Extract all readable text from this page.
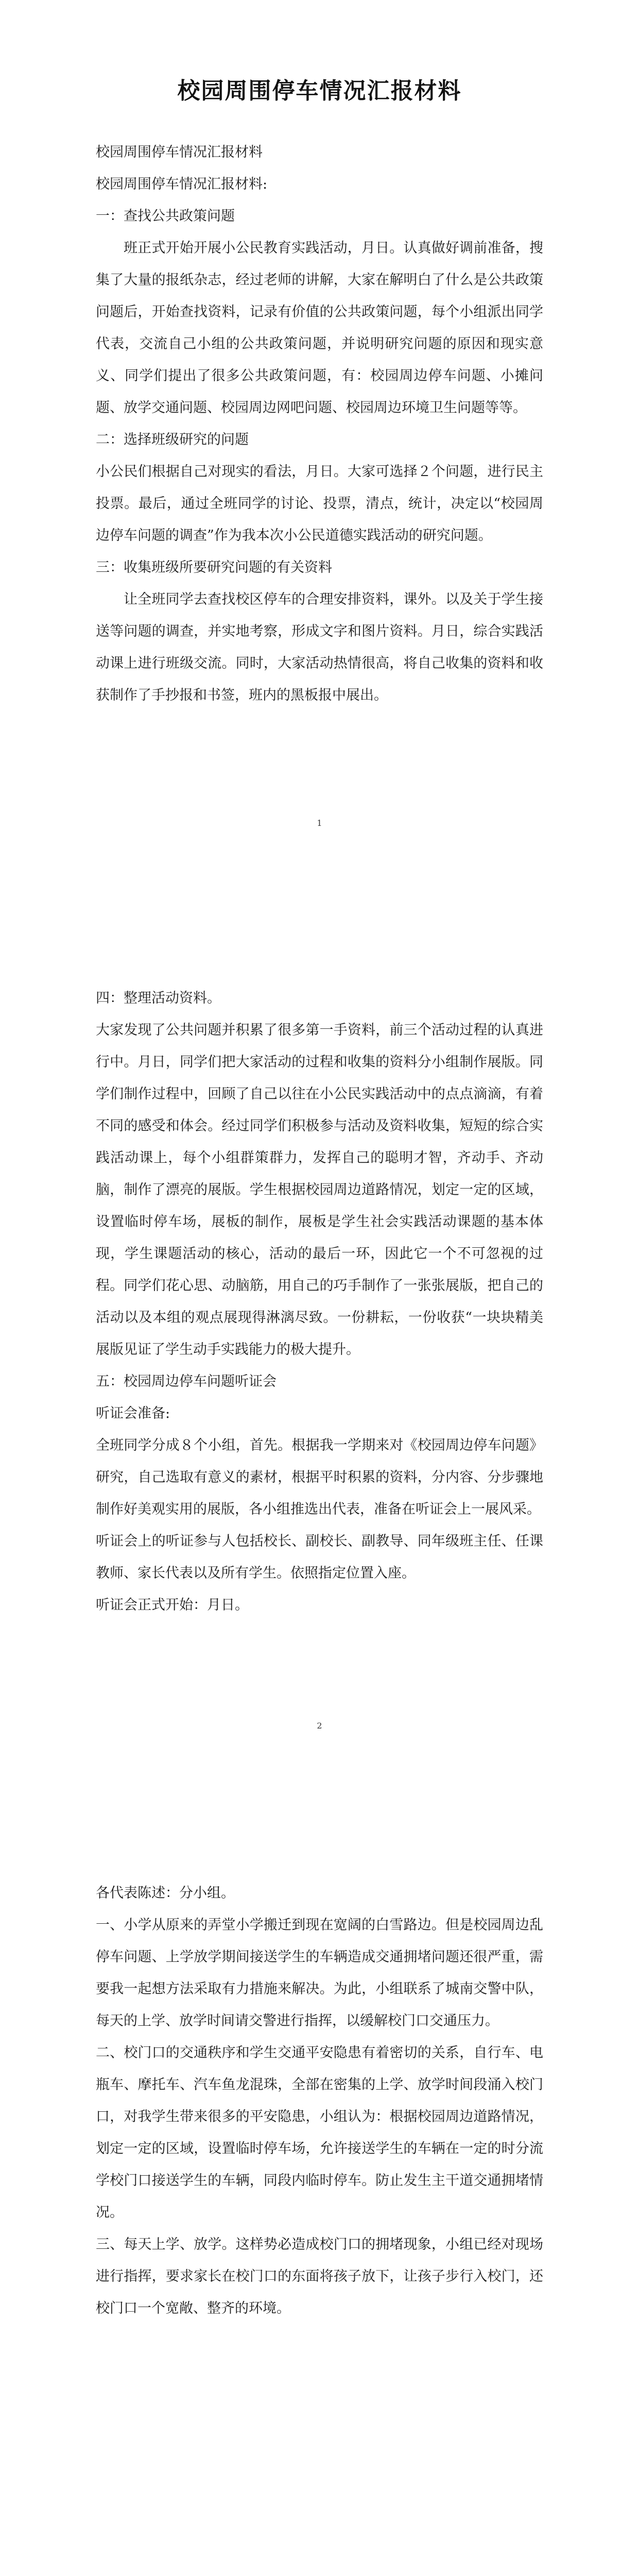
校园周围停车情况汇报材料

校园周围停车情况汇报材料

校园周围停车情况汇报材料:

一：查找公共政策问题

班正式开始开展小公民教育实践活动，月日。认真做好调前准备，搜集了大量的报纸杂志，经过老师的讲解，大家在解明白了什么是公共政策问题后，开始查找资料，记录有价值的公共政策问题，每个小组派出同学代表，交流自己小组的公共政策问题，并说明研究问题的原因和现实意义、同学们提出了很多公共政策问题，有：校园周边停车问题、小摊问题、放学交通问题、校园周边网吧问题、校园周边环境卫生问题等等。

二：选择班级研究的问题

小公民们根据自己对现实的看法，月日。大家可选择２个问题，进行民主投票。最后，通过全班同学的讨论、投票，清点，统计，决定以“校园周边停车问题的调查”作为我本次小公民道德实践活动的研究问题。

三：收集班级所要研究问题的有关资料

让全班同学去查找校区停车的合理安排资料，课外。以及关于学生接送等问题的调查，并实地考察，形成文字和图片资料。月日，综合实践活动课上进行班级交流。同时，大家活动热情很高，将自己收集的资料和收获制作了手抄报和书签，班内的黑板报中展出。

1

四：整理活动资料。

大家发现了公共问题并积累了很多第一手资料，前三个活动过程的认真进行中。月日，同学们把大家活动的过程和收集的资料分小组制作展版。同学们制作过程中，回顾了自己以往在小公民实践活动中的点点滴滴，有着不同的感受和体会。经过同学们积极参与活动及资料收集，短短的综合实践活动课上，每个小组群策群力，发挥自己的聪明才智，齐动手、齐动脑，制作了漂亮的展版。学生根据校园周边道路情况，划定一定的区域，设置临时停车场，展板的制作，展板是学生社会实践活动课题的基本体现，学生课题活动的核心，活动的最后一环，因此它一个不可忽视的过程。同学们花心思、动脑筋，用自己的巧手制作了一张张展版，把自己的活动以及本组的观点展现得淋漓尽致。一份耕耘，一份收获“一块块精美展版见证了学生动手实践能力的极大提升。

五：校园周边停车问题听证会

听证会准备:

全班同学分成８个小组，首先。根据我一学期来对《校园周边停车问题》研究，自己选取有意义的素材，根据平时积累的资料，分内容、分步骤地制作好美观实用的展版，各小组推选出代表，准备在听证会上一展风采。

听证会上的听证参与人包括校长、副校长、副教导、同年级班主任、任课教师、家长代表以及所有学生。依照指定位置入座。

听证会正式开始：月日。

2

各代表陈述：分小组。

一、小学从原来的弄堂小学搬迁到现在宽阔的白雪路边。但是校园周边乱停车问题、上学放学期间接送学生的车辆造成交通拥堵问题还很严重，需要我一起想方法采取有力措施来解决。为此，小组联系了城南交警中队，每天的上学、放学时间请交警进行指挥，以缓解校门口交通压力。

二、校门口的交通秩序和学生交通平安隐患有着密切的关系，自行车、电瓶车、摩托车、汽车鱼龙混珠，全部在密集的上学、放学时间段涌入校门口，对我学生带来很多的平安隐患，小组认为：根据校园周边道路情况，划定一定的区域，设置临时停车场，允许接送学生的车辆在一定的时分流学校门口接送学生的车辆，同段内临时停车。防止发生主干道交通拥堵情况。

三、每天上学、放学。这样势必造成校门口的拥堵现象，小组已经对现场进行指挥，要求家长在校门口的东面将孩子放下，让孩子步行入校门，还校门口一个宽敞、整齐的环境。
